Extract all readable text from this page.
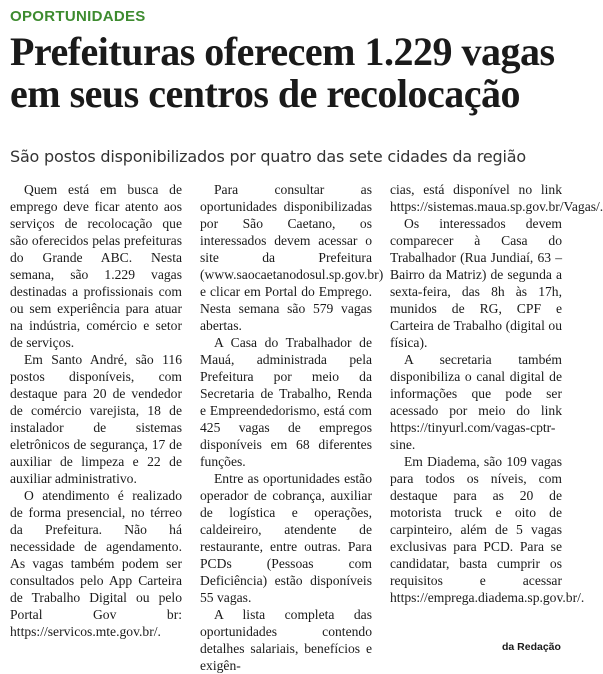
OPORTUNIDADES
Prefeituras oferecem 1.229 vagas em seus centros de recolocação
São postos disponibilizados por quatro das sete cidades da região

Quem está em busca de emprego deve ficar atento aos serviços de recolocação que são oferecidos pelas prefeituras do Grande ABC. Nesta semana, são 1.229 vagas destinadas a profissionais com ou sem experiência para atuar na indústria, comércio e setor de serviços.

Em Santo André, são 116 postos disponíveis, com destaque para 20 de vendedor de comércio varejista, 18 de instalador de sistemas eletrônicos de segurança, 17 de auxiliar de limpeza e 22 de auxiliar administrativo.

O atendimento é realizado de forma presencial, no térreo da Prefeitura. Não há necessidade de agendamento. As vagas também podem ser consultados pelo App Carteira de Trabalho Digital ou pelo Portal Gov br: https://servicos.mte.gov.br/.

Para consultar as oportunidades disponibilizadas por São Caetano, os interessados devem acessar o site da Prefeitura (www.saocaetanodosul.sp.gov.br) e clicar em Portal do Emprego. Nesta semana são 579 vagas abertas.

A Casa do Trabalhador de Mauá, administrada pela Prefeitura por meio da Secretaria de Trabalho, Renda e Empreendedorismo, está com 425 vagas de empregos disponíveis em 68 diferentes funções.

Entre as oportunidades estão operador de cobrança, auxiliar de logística e operações, caldeireiro, atendente de restaurante, entre outras. Para PCDs (Pessoas com Deficiência) estão disponíveis 55 vagas.

A lista completa das oportunidades contendo detalhes salariais, benefícios e exigên-

cias, está disponível no link https://sistemas.maua.sp.gov.br/Vagas/.

Os interessados devem comparecer à Casa do Trabalhador (Rua Jundiaí, 63 – Bairro da Matriz) de segunda a sexta-feira, das 8h às 17h, munidos de RG, CPF e Carteira de Trabalho (digital ou física).

A secretaria também disponibiliza o canal digital de informações que pode ser acessado por meio do link https://tinyurl.com/vagas-cptr-sine.

Em Diadema, são 109 vagas para todos os níveis, com destaque para as 20 de motorista truck e oito de carpinteiro, além de 5 vagas exclusivas para PCD. Para se candidatar, basta cumprir os requisitos e acessar https://emprega.diadema.sp.gov.br/.

da Redação
